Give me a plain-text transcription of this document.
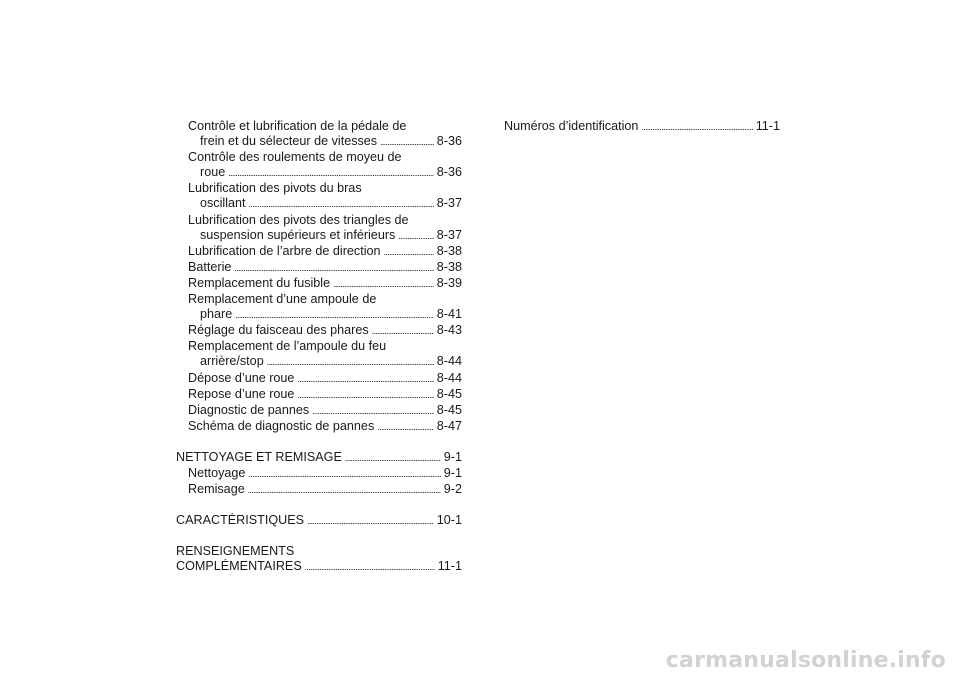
Contrôle et lubrification de la pédale de
frein et du sélecteur de vitesses . . .	8-36
Contrôle des roulements de moyeu de
roue . . .	8-36
Lubrification des pivots du bras
oscillant . . .	8-37
Lubrification des pivots des triangles de
suspension supérieurs et inférieurs . . .	8-37
Lubrification de l’arbre de direction . . .	8-38
Batterie . . .	8-38
Remplacement du fusible . . .	8-39
Remplacement d’une ampoule de
phare . . .	8-41
Réglage du faisceau des phares . . .	8-43
Remplacement de l’ampoule du feu
arrière/stop . . .	8-44
Dépose d’une roue . . .	8-44
Repose d’une roue . . .	8-45
Diagnostic de pannes . . .	8-45
Schéma de diagnostic de pannes . . .	8-47
NETTOYAGE ET REMISAGE . . .	9-1
Nettoyage . . .	9-1
Remisage . . .	9-2
CARACTÉRISTIQUES . . .	10-1
RENSEIGNEMENTS
COMPLÉMENTAIRES . . .	11-1
Numéros d’identification . . .	11-1
carmanualsonline.info
